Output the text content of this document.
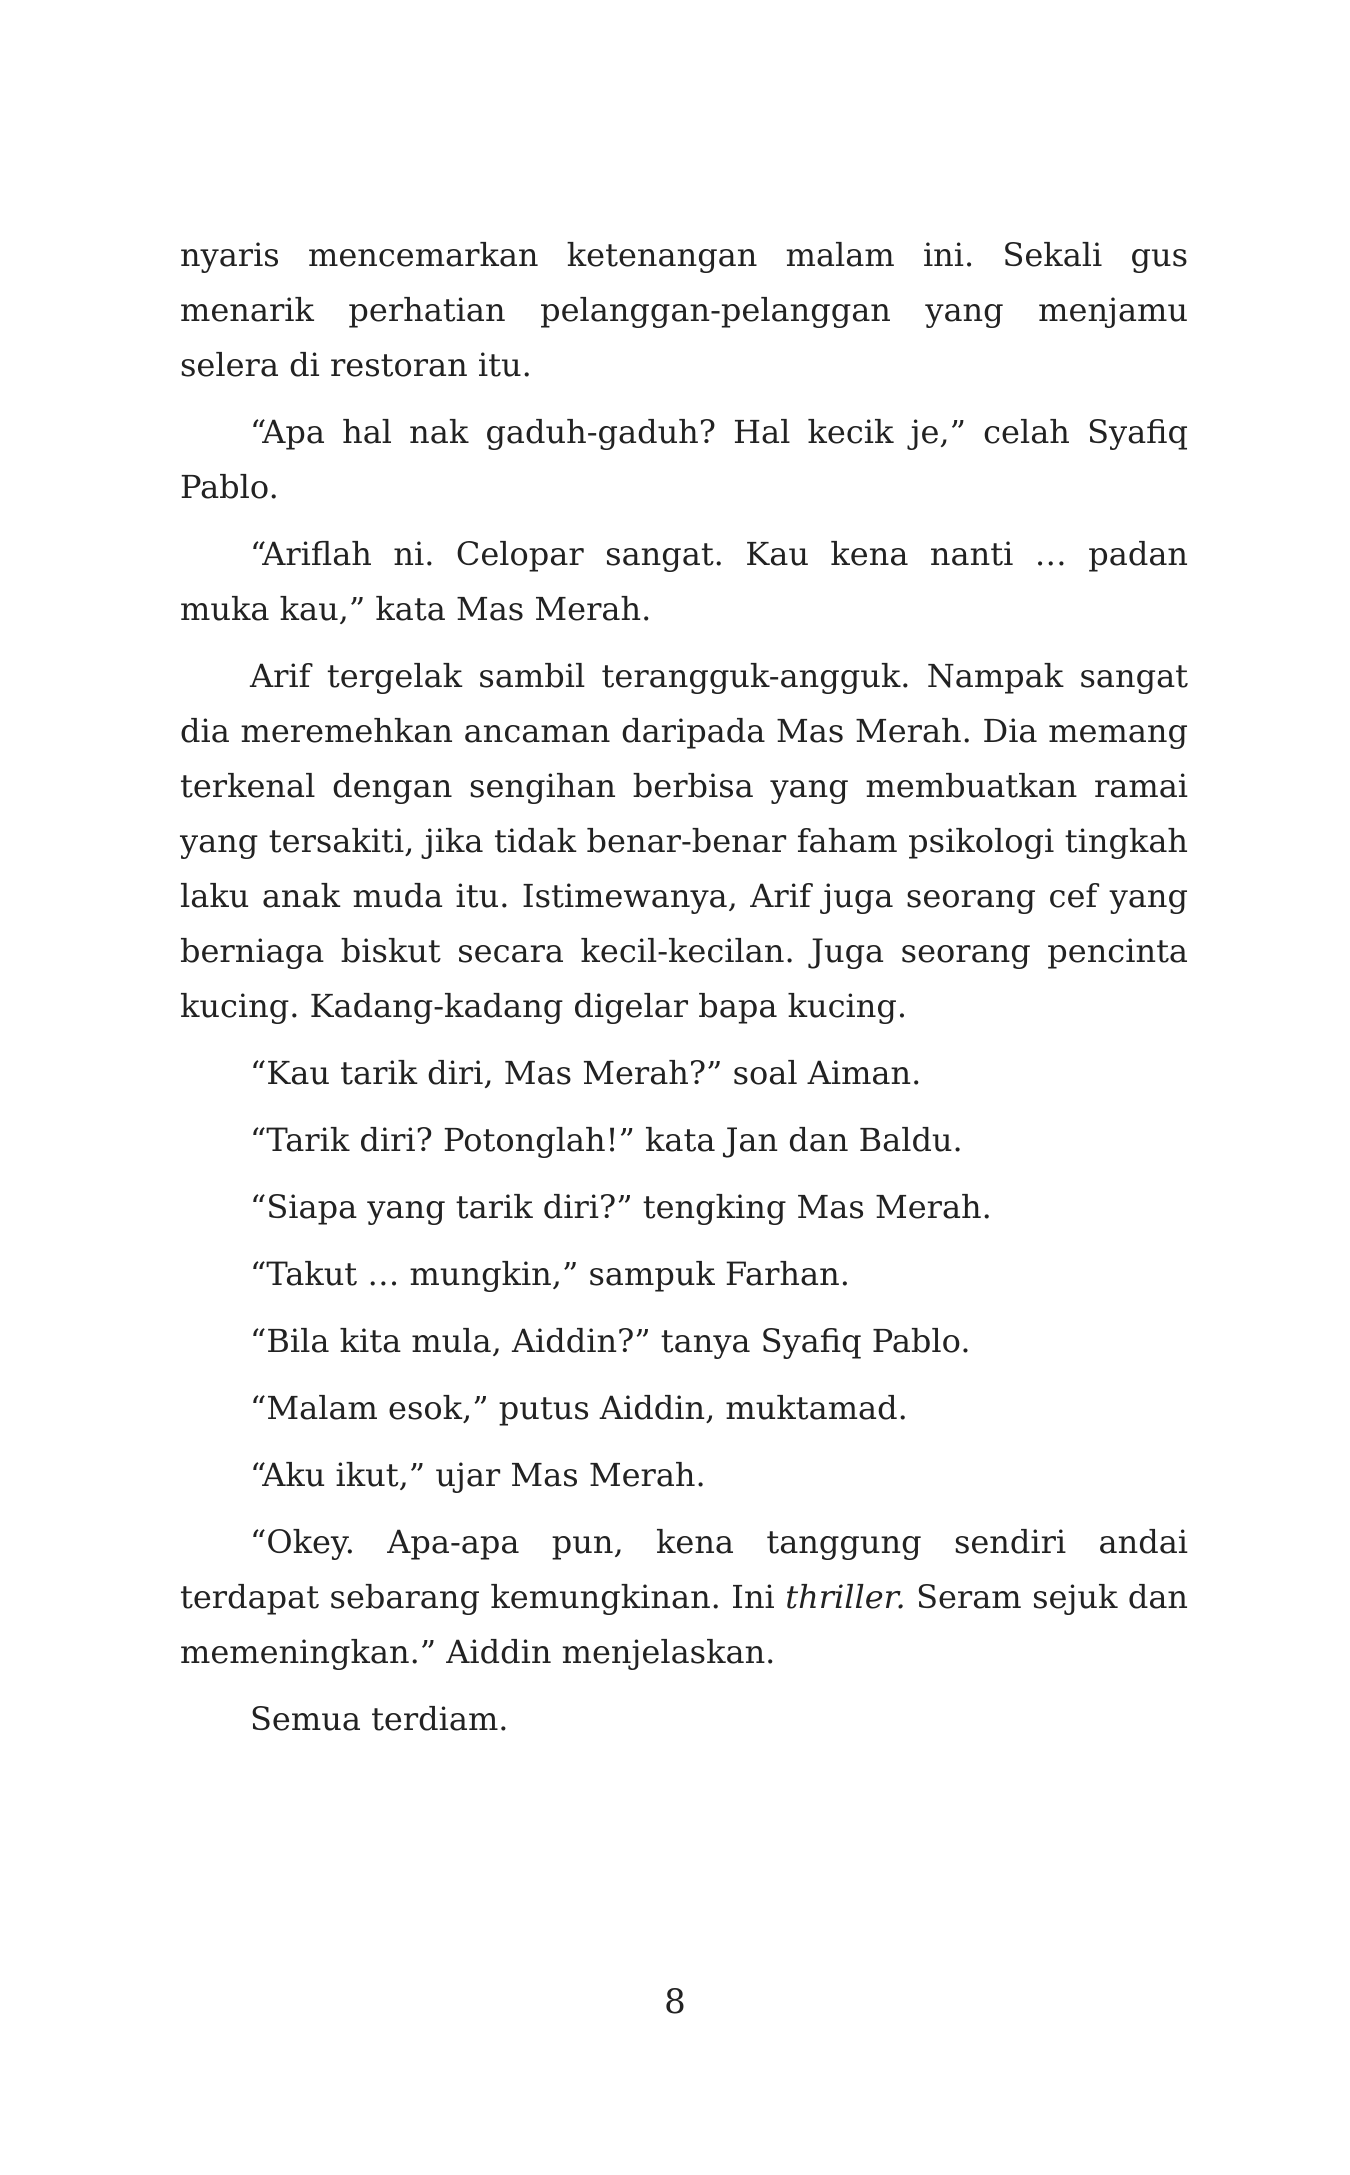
nyaris mencemarkan ketenangan malam ini. Sekali gus menarik perhatian pelanggan-pelanggan yang menjamu selera di restoran itu.

“Apa hal nak gaduh-gaduh? Hal kecik je,” celah Syafiq Pablo.

“Ariflah ni. Celopar sangat. Kau kena nanti … padan muka kau,” kata Mas Merah.

Arif tergelak sambil terangguk-angguk. Nampak sangat dia meremehkan ancaman daripada Mas Merah. Dia memang terkenal dengan sengihan berbisa yang membuatkan ramai yang tersakiti, jika tidak benar-benar faham psikologi tingkah laku anak muda itu. Istimewanya, Arif juga seorang cef yang berniaga biskut secara kecil-kecilan. Juga seorang pencinta kucing. Kadang-kadang digelar bapa kucing.

“Kau tarik diri, Mas Merah?” soal Aiman.

“Tarik diri? Potonglah!” kata Jan dan Baldu.

“Siapa yang tarik diri?” tengking Mas Merah.

“Takut … mungkin,” sampuk Farhan.

“Bila kita mula, Aiddin?” tanya Syafiq Pablo.

“Malam esok,” putus Aiddin, muktamad.

“Aku ikut,” ujar Mas Merah.

“Okey. Apa-apa pun, kena tanggung sendiri andai terdapat sebarang kemungkinan. Ini thriller. Seram sejuk dan memeningkan.” Aiddin menjelaskan.

Semua terdiam.

8
